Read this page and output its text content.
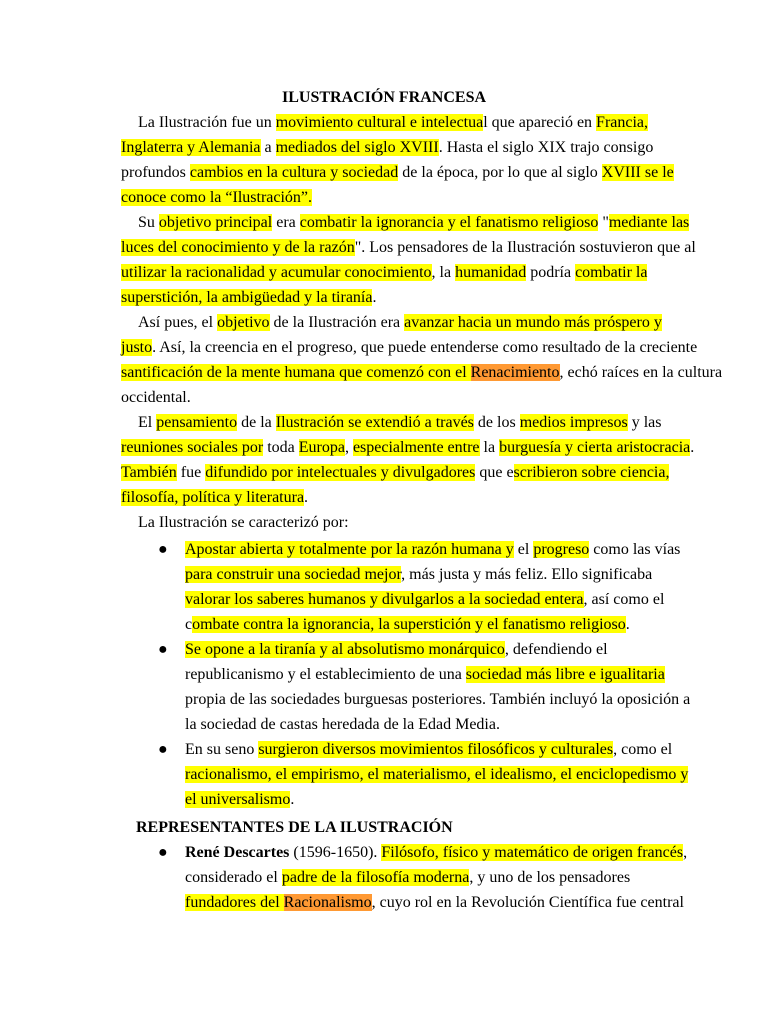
ILUSTRACIÓN FRANCESA
La Ilustración fue un movimiento cultural e intelectual que apareció en Francia,
Inglaterra y Alemania a mediados del siglo XVIII. Hasta el siglo XIX trajo consigo
profundos cambios en la cultura y sociedad de la época, por lo que al siglo XVIII se le
conoce como la “Ilustración”.
Su objetivo principal era combatir la ignorancia y el fanatismo religioso "mediante las
luces del conocimiento y de la razón". Los pensadores de la Ilustración sostuvieron que al
utilizar la racionalidad y acumular conocimiento, la humanidad podría combatir la
superstición, la ambigüedad y la tiranía.
Así pues, el objetivo de la Ilustración era avanzar hacia un mundo más próspero y
justo. Así, la creencia en el progreso, que puede entenderse como resultado de la creciente
santificación de la mente humana que comenzó con el Renacimiento, echó raíces en la cultura
occidental.
El pensamiento de la Ilustración se extendió a través de los medios impresos y las
reuniones sociales por toda Europa, especialmente entre la burguesía y cierta aristocracia.
También fue difundido por intelectuales y divulgadores que escribieron sobre ciencia,
filosofía, política y literatura.
La Ilustración se caracterizó por:
● Apostar abierta y totalmente por la razón humana y el progreso como las vías
para construir una sociedad mejor, más justa y más feliz. Ello significaba
valorar los saberes humanos y divulgarlos a la sociedad entera, así como el
combate contra la ignorancia, la superstición y el fanatismo religioso.
● Se opone a la tiranía y al absolutismo monárquico, defendiendo el
republicanismo y el establecimiento de una sociedad más libre e igualitaria
propia de las sociedades burguesas posteriores. También incluyó la oposición a
la sociedad de castas heredada de la Edad Media.
● En su seno surgieron diversos movimientos filosóficos y culturales, como el
racionalismo, el empirismo, el materialismo, el idealismo, el enciclopedismo y
el universalismo.
REPRESENTANTES DE LA ILUSTRACIÓN
● René Descartes (1596-1650). Filósofo, físico y matemático de origen francés,
considerado el padre de la filosofía moderna, y uno de los pensadores
fundadores del Racionalismo, cuyo rol en la Revolución Científica fue central
